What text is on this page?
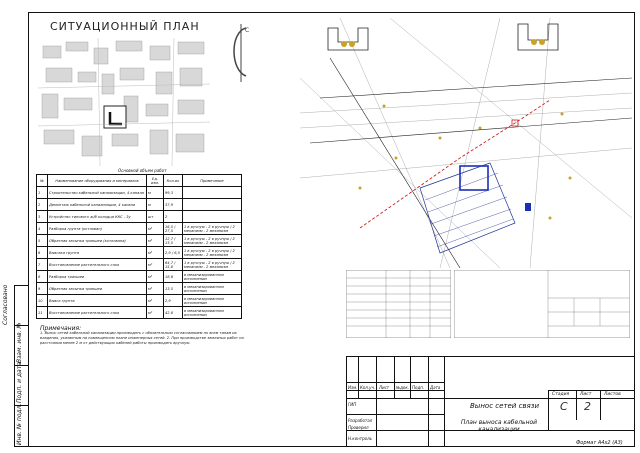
Согласовано
Инв. № подл.
Подп. и дата
Взам. инв. №
СИТУАЦИОННЫЙ ПЛАН	С
Основной объем работ
№	Наименование оборудования и материалов	Ед. изм.	Кол-во	Примечание
1	Строительство кабельной канализации, 4 канала	м	99,3	
2	Демонтаж кабельной канализации, 4 канала	м	37,9	
3	Устройство типового ж/б колодца ККС - 3у	шт	2	
4	Разборка грунта (котлован)	м³	16,5 / 27,5	1 в ручную - 2 в ручную / 2 механизм - 2 механизм
5	Обратная засыпка траншеи (котлована)	м³	12,7 / 13,5	1 в ручную - 2 в ручную / 2 механизм - 2 механизм
6	Вывозка грунта	м³	2,9 / 6,5	1 в ручную - 2 в ручную / 2 механизм - 2 механизм
7	Восстановление растительного слоя	м²	64,7 / 15,8	1 в ручную - 2 в ручную / 2 механизм - 2 механизм
8	Разборка траншеи	м³	18,6	в механизированном исполнении
9	Обратная засыпка траншеи	м³	13,5	в механизированном исполнении
10	Вывоз грунта	м³	2,9	в механизированном исполнении
11	Восстановление растительного слоя	м²	42,8	в механизированном исполнении
Примечания:
1. Вынос сетей кабельной канализации производить с обязательным согласованием по всем типам их владения, указанным на совмещенном плане инженерных сетей. 2. При производстве земляных работ на расстоянии менее 2 м от действующих кабелей работы производить вручную.
Изм. Кол.уч. Лист №док. Подп. Дата
ГИП
Разработал
Проверил
Н.контроль
Вынос сетей связи
План выноса кабельной канализации
Стадия Лист	Листов
С 2
Формат А4х2 (A3)
